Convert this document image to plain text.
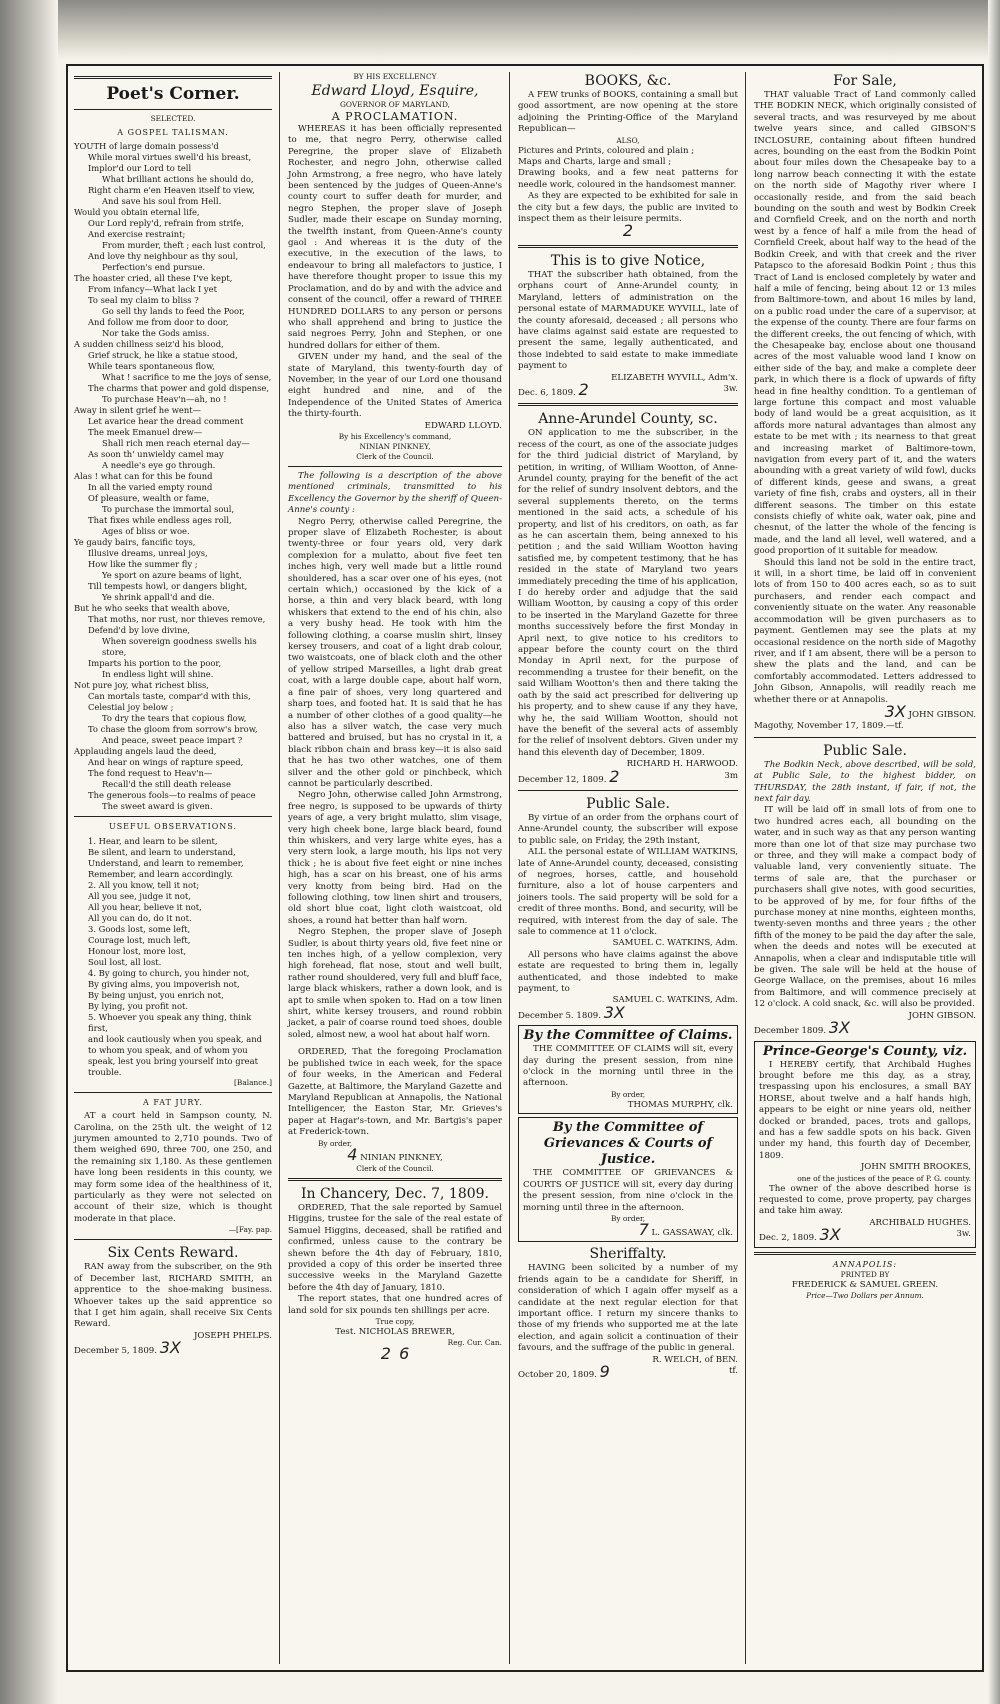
Poet's Corner.

SELECTED.

A GOSPEL TALISMAN.

YOUTH of large domain possess'd

While moral virtues swell'd his breast,

Implor'd our Lord to tell

What brilliant actions he should do,

Right charm e'en Heaven itself to view,

And save his soul from Hell.

Would you obtain eternal life,

Our Lord reply'd, refrain from strife,

And exercise restraint;

From murder, theft ; each lust control,

And love thy neighbour as thy soul,

Perfection's end pursue.

The hoaster cried, all these I've kept,

From infancy—What lack I yet

To seal my claim to bliss ?

Go sell thy lands to feed the Poor,

And follow me from door to door,

Nor take the Gods amiss.

A sudden chillness seiz'd his blood,

Grief struck, he like a statue stood,

While tears spontaneous flow,

What ! sacrifice to me the joys of sense,

The charms that power and gold dispense,

To purchase Heav'n—ah, no !

Away in silent grief he went—

Let avarice hear the dread comment

The meek Emanuel drew—

Shall rich men reach eternal day—

As soon th' unwieldy camel may

A needle's eye go through.

Alas ! what can for this be found

In all the varied empty round

Of pleasure, wealth or fame,

To purchase the immortal soul,

That fixes while endless ages roll,

Ages of bliss or woe.

Ye gaudy bairs, fancific toys,

Illusive dreams, unreal joys,

How like the summer fly ;

Ye sport on azure beams of light,

Till tempests howl, or dangers blight,

Ye shrink appall'd and die.

But he who seeks that wealth above,

That moths, nor rust, nor thieves remove,

Defend'd by love divine,

When sovereign goodness swells his store,

Imparts his portion to the poor,

In endless light will shine.

Not pure joy, what richest bliss,

Can mortals taste, compar'd with this,

Celestial joy below ;

To dry the tears that copious flow,

To chase the gloom from sorrow's brow,

And peace, sweet peace impart ?

Applauding angels laud the deed,

And hear on wings of rapture speed,

The fond request to Heav'n—

Recall'd the still death release

The generous fools—to realms of peace

The sweet award is given.

USEFUL OBSERVATIONS.

1. Hear, and learn to be silent,

Be silent, and learn to understand,

Understand, and learn to remember,

Remember, and learn accordingly.

2. All you know, tell it not;

All you see, judge it not,

All you hear, believe it not,

All you can do, do it not.

3. Goods lost, some left,

Courage lost, much left,

Honour lost, more lost,

Soul lost, all lost.

4. By going to church, you hinder not,

By giving alms, you impoverish not,

By being unjust, you enrich not,

By lying, you profit not.

5. Whoever you speak any thing, think first,

and look cautiously when you speak, and

to whom you speak, and of whom you

speak, lest you bring yourself into great

trouble.

[Balance.]

A FAT JURY.

AT a court held in Sampson county, N. Carolina, on the 25th ult. the weight of 12 jurymen amounted to 2,710 pounds. Two of them weighed 690, three 700, one 250, and the remaining six 1,180. As these gentlemen have long been residents in this county, we may form some idea of the healthiness of it, particularly as they were not selected on account of their size, which is thought moderate in that place.

—[Fay. pap.

Six Cents Reward.

RAN away from the subscriber, on the 9th of December last, RICHARD SMITH, an apprentice to the shoe-making business. Whoever takes up the said apprentice so that I get him again, shall receive Six Cents Reward.

JOSEPH PHELPS.

December 5, 1809. 3X

BY HIS EXCELLENCY

Edward Lloyd, Esquire,

GOVERNOR OF MARYLAND,

A PROCLAMATION.

WHEREAS it has been officially represented to me, that negro Perry, otherwise called Peregrine, the proper slave of Elizabeth Rochester, and negro John, otherwise called John Armstrong, a free negro, who have lately been sentenced by the judges of Queen-Anne's county court to suffer death for murder, and negro Stephen, the proper slave of Joseph Sudler, made their escape on Sunday morning, the twelfth instant, from Queen-Anne's county gaol : And whereas it is the duty of the executive, in the execution of the laws, to endeavour to bring all malefactors to justice, I have therefore thought proper to issue this my Proclamation, and do by and with the advice and consent of the council, offer a reward of THREE HUNDRED DOLLARS to any person or persons who shall apprehend and bring to justice the said negroes Perry, John and Stephen, or one hundred dollars for either of them.

GIVEN under my hand, and the seal of the state of Maryland, this twenty-fourth day of November, in the year of our Lord one thousand eight hundred and nine, and of the Independence of the United States of America the thirty-fourth.

EDWARD LLOYD.

By his Excellency's command,

NINIAN PINKNEY,

Clerk of the Council.

The following is a description of the above mentioned criminals, transmitted to his Excellency the Governor by the sheriff of Queen-Anne's county :

Negro Perry, otherwise called Peregrine, the proper slave of Elizabeth Rochester, is about twenty-three or four years old, very dark complexion for a mulatto, about five feet ten inches high, very well made but a little round shouldered, has a scar over one of his eyes, (not certain which,) occasioned by the kick of a horse, a thin and very black beard, with long whiskers that extend to the end of his chin, also a very bushy head. He took with him the following clothing, a coarse muslin shirt, linsey kersey trousers, and coat of a light drab colour, two waistcoats, one of black cloth and the other of yellow striped Marseilles, a light drab great coat, with a large double cape, about half worn, a fine pair of shoes, very long quartered and sharp toes, and footed hat. It is said that he has a number of other clothes of a good quality—he also has a silver watch, the case very much battered and bruised, but has no crystal in it, a black ribbon chain and brass key—it is also said that he has two other watches, one of them silver and the other gold or pinchbeck, which cannot be particularly described.

Negro John, otherwise called John Armstrong, free negro, is supposed to be upwards of thirty years of age, a very bright mulatto, slim visage, very high cheek bone, large black beard, found thin whiskers, and very large white eyes, has a very stern look, a large mouth, his lips not very thick ; he is about five feet eight or nine inches high, has a scar on his breast, one of his arms very knotty from being bird. Had on the following clothing, tow linen shirt and trousers, old short blue coat, light cloth waistcoat, old shoes, a round hat better than half worn.

Negro Stephen, the proper slave of Joseph Sudler, is about thirty years old, five feet nine or ten inches high, of a yellow complexion, very high forehead, flat nose, stout and well built, rather round shouldered, very full and bluff face, large black whiskers, rather a down look, and is apt to smile when spoken to. Had on a tow linen shirt, white kersey trousers, and round robbin jacket, a pair of coarse round toed shoes, double soled, almost new, a wool hat about half worn.

ORDERED, That the foregoing Proclamation be published twice in each week, for the space of four weeks, in the American and Federal Gazette, at Baltimore, the Maryland Gazette and Maryland Republican at Annapolis, the National Intelligencer, the Easton Star, Mr. Grieves's paper at Hagar's-town, and Mr. Bartgis's paper at Frederick-town.

By order,

4 NINIAN PINKNEY,

Clerk of the Council.

In Chancery, Dec. 7, 1809.

ORDERED, That the sale reported by Samuel Higgins, trustee for the sale of the real estate of Samuel Higgins, deceased, shall be ratified and confirmed, unless cause to the contrary be shewn before the 4th day of February, 1810, provided a copy of this order be inserted three successive weeks in the Maryland Gazette before the 4th day of January, 1810.

The report states, that one hundred acres of land sold for six pounds ten shillings per acre.

True copy,

Test. NICHOLAS BREWER,

Reg. Cur. Can.

2 6

BOOKS, &c.

A FEW trunks of BOOKS, containing a small but good assortment, are now opening at the store adjoining the Printing-Office of the Maryland Republican—

ALSO,

Pictures and Prints, coloured and plain ;

Maps and Charts, large and small ;

Drawing books, and a few neat patterns for needle work, coloured in the handsomest manner.

As they are expected to be exhibited for sale in the city but a few days, the public are invited to inspect them as their leisure permits.

2

This is to give Notice,

THAT the subscriber hath obtained, from the orphans court of Anne-Arundel county, in Maryland, letters of administration on the personal estate of MARMADUKE WYVILL, late of the county aforesaid, deceased ; all persons who have claims against said estate are requested to present the same, legally authenticated, and those indebted to said estate to make immediate payment to

ELIZABETH WYVILL, Adm'x.

Dec. 6, 1809. 2	3w.

Anne-Arundel County, sc.

ON application to me the subscriber, in the recess of the court, as one of the associate judges for the third judicial district of Maryland, by petition, in writing, of William Wootton, of Anne-Arundel county, praying for the benefit of the act for the relief of sundry insolvent debtors, and the several supplements thereto, on the terms mentioned in the said acts, a schedule of his property, and list of his creditors, on oath, as far as he can ascertain them, being annexed to his petition ; and the said William Wootton having satisfied me, by competent testimony, that he has resided in the state of Maryland two years immediately preceding the time of his application, I do hereby order and adjudge that the said William Wootton, by causing a copy of this order to be inserted in the Maryland Gazette for three months successively before the first Monday in April next, to give notice to his creditors to appear before the county court on the third Monday in April next, for the purpose of recommending a trustee for their benefit, on the said William Wootton's then and there taking the oath by the said act prescribed for delivering up his property, and to shew cause if any they have, why he, the said William Wootton, should not have the benefit of the several acts of assembly for the relief of insolvent debtors. Given under my hand this eleventh day of December, 1809.

RICHARD H. HARWOOD.

December 12, 1809. 2	3m

Public Sale.

By virtue of an order from the orphans court of Anne-Arundel county, the subscriber will expose to public sale, on Friday, the 29th instant,

ALL the personal estate of WILLIAM WATKINS, late of Anne-Arundel county, deceased, consisting of negroes, horses, cattle, and household furniture, also a lot of house carpenters and joiners tools. The said property will be sold for a credit of three months. Bond, and security, will be required, with interest from the day of sale. The sale to commence at 11 o'clock.

SAMUEL C. WATKINS, Adm.

All persons who have claims against the above estate are requested to bring them in, legally authenticated, and those indebted to make payment, to

SAMUEL C. WATKINS, Adm.

December 5. 1809. 3X

By the Committee of Claims.

THE COMMITTEE OF CLAIMS will sit, every day during the present session, from nine o'clock in the morning until three in the afternoon.

By order,

THOMAS MURPHY, clk.

By the Committee of Grievances & Courts of Justice.

THE COMMITTEE OF GRIEVANCES & COURTS OF JUSTICE will sit, every day during the present session, from nine o'clock in the morning until three in the afternoon.

By order,

7 L. GASSAWAY, clk.

Sheriffalty.

HAVING been solicited by a number of my friends again to be a candidate for Sheriff, in consideration of which I again offer myself as a candidate at the next regular election for that important office. I return my sincere thanks to those of my friends who supported me at the late election, and again solicit a continuation of their favours, and the suffrage of the public in general.

R. WELCH, of BEN.

October 20, 1809. 9	tf.

For Sale,

THAT valuable Tract of Land commonly called THE BODKIN NECK, which originally consisted of several tracts, and was resurveyed by me about twelve years since, and called GIBSON'S INCLOSURE, containing about fifteen hundred acres, bounding on the east from the Bodkin Point about four miles down the Chesapeake bay to a long narrow beach connecting it with the estate on the north side of Magothy river where I occasionally reside, and from the said beach bounding on the south and west by Bodkin Creek and Cornfield Creek, and on the north and north west by a fence of half a mile from the head of Cornfield Creek, about half way to the head of the Bodkin Creek, and with that creek and the river Patapsco to the aforesaid Bodkin Point ; thus this Tract of Land is enclosed completely by water and half a mile of fencing, being about 12 or 13 miles from Baltimore-town, and about 16 miles by land, on a public road under the care of a supervisor, at the expense of the county. There are four farms on the different creeks, the out fencing of which, with the Chesapeake bay, enclose about one thousand acres of the most valuable wood land I know on either side of the bay, and make a complete deer park, in which there is a flock of upwards of fifty head in fine healthy condition. To a gentleman of large fortune this compact and most valuable body of land would be a great acquisition, as it affords more natural advantages than almost any estate to be met with ; its nearness to that great and increasing market of Baltimore-town, navigation from every part of it, and the waters abounding with a great variety of wild fowl, ducks of different kinds, geese and swans, a great variety of fine fish, crabs and oysters, all in their different seasons. The timber on this estate consists chiefly of white oak, water oak, pine and chesnut, of the latter the whole of the fencing is made, and the land all level, well watered, and a good proportion of it suitable for meadow.

Should this land not be sold in the entire tract, it will, in a short time, be laid off in convenient lots of from 150 to 400 acres each, so as to suit purchasers, and render each compact and conveniently situate on the water. Any reasonable accommodation will be given purchasers as to payment. Gentlemen may see the plats at my occasional residence on the north side of Magothy river, and if I am absent, there will be a person to shew the plats and the land, and can be comfortably accommodated. Letters addressed to John Gibson, Annapolis, will readily reach me whether there or at Annapolis.

3X JOHN GIBSON.

Magothy, November 17, 1809.—tf.

Public Sale.

The Bodkin Neck, above described, will be sold, at Public Sale, to the highest bidder, on THURSDAY, the 28th instant, if fair, if not, the next fair day.

IT will be laid off in small lots of from one to two hundred acres each, all bounding on the water, and in such way as that any person wanting more than one lot of that size may purchase two or three, and they will make a compact body of valuable land, very conveniently situate. The terms of sale are, that the purchaser or purchasers shall give notes, with good securities, to be approved of by me, for four fifths of the purchase money at nine months, eighteen months, twenty-seven months and three years ; the other fifth of the money to be paid the day after the sale, when the deeds and notes will be executed at Annapolis, when a clear and indisputable title will be given. The sale will be held at the house of George Wallace, on the premises, about 16 miles from Baltimore, and will commence precisely at 12 o'clock. A cold snack, &c. will also be provided.

JOHN GIBSON.

December 1809. 3X

Prince-George's County, viz.

I HEREBY certify, that Archibald Hughes brought before me this day, as a stray, trespassing upon his enclosures, a small BAY HORSE, about twelve and a half hands high, appears to be eight or nine years old, neither docked or branded, paces, trots and gallops, and has a few saddle spots on his back. Given under my hand, this fourth day of December, 1809.

JOHN SMITH BROOKES,

one of the justices of the peace of P. G. county.

The owner of the above described horse is requested to come, prove property, pay charges and take him away.

ARCHIBALD HUGHES.

Dec. 2, 1809. 3X	3w.

ANNAPOLIS:

PRINTED BY

FREDERICK & SAMUEL GREEN.

Price—Two Dollars per Annum.
